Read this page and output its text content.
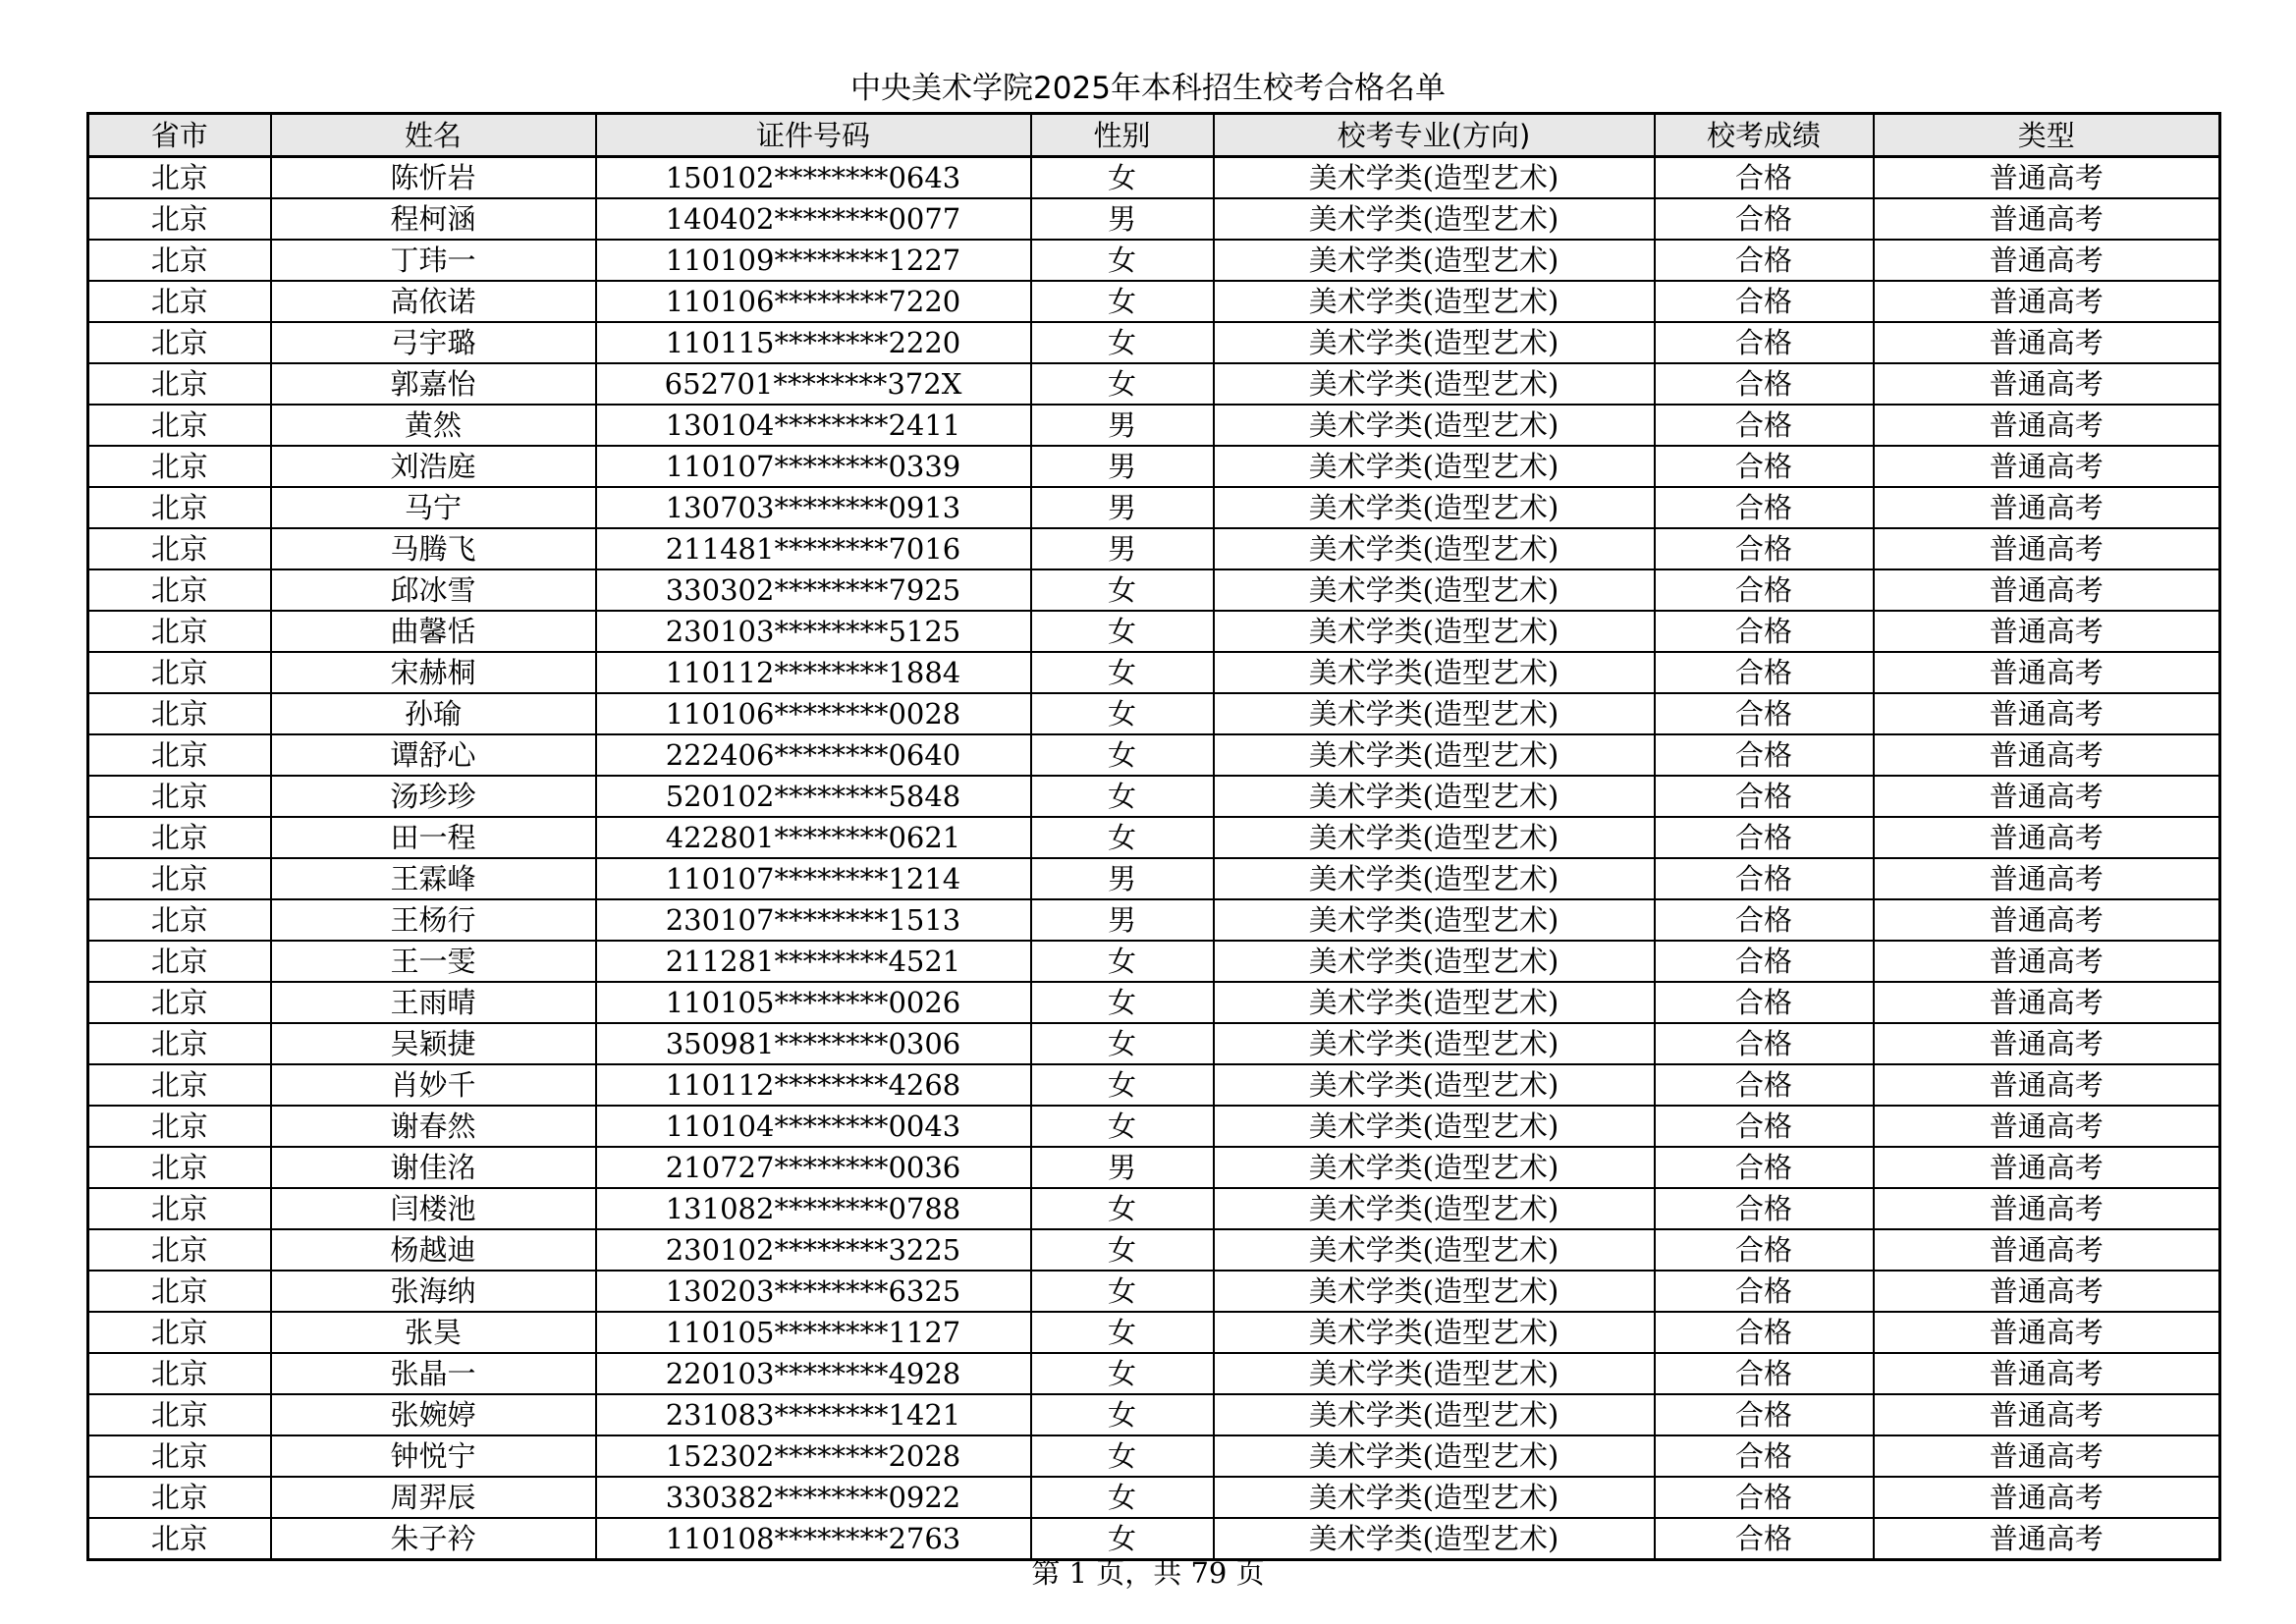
中央美术学院2025年本科招生校考合格名单
省市	姓名	证件号码	性别	校考专业(方向)	校考成绩	类型
北京	陈忻岩	150102********0643	女	美术学类(造型艺术)	合格	普通高考
北京	程柯涵	140402********0077	男	美术学类(造型艺术)	合格	普通高考
北京	丁玮一	110109********1227	女	美术学类(造型艺术)	合格	普通高考
北京	高依诺	110106********7220	女	美术学类(造型艺术)	合格	普通高考
北京	弓宇璐	110115********2220	女	美术学类(造型艺术)	合格	普通高考
北京	郭嘉怡	652701********372X	女	美术学类(造型艺术)	合格	普通高考
北京	黄然	130104********2411	男	美术学类(造型艺术)	合格	普通高考
北京	刘浩庭	110107********0339	男	美术学类(造型艺术)	合格	普通高考
北京	马宁	130703********0913	男	美术学类(造型艺术)	合格	普通高考
北京	马腾飞	211481********7016	男	美术学类(造型艺术)	合格	普通高考
北京	邱冰雪	330302********7925	女	美术学类(造型艺术)	合格	普通高考
北京	曲馨恬	230103********5125	女	美术学类(造型艺术)	合格	普通高考
北京	宋赫桐	110112********1884	女	美术学类(造型艺术)	合格	普通高考
北京	孙瑜	110106********0028	女	美术学类(造型艺术)	合格	普通高考
北京	谭舒心	222406********0640	女	美术学类(造型艺术)	合格	普通高考
北京	汤珍珍	520102********5848	女	美术学类(造型艺术)	合格	普通高考
北京	田一程	422801********0621	女	美术学类(造型艺术)	合格	普通高考
北京	王霖峰	110107********1214	男	美术学类(造型艺术)	合格	普通高考
北京	王杨行	230107********1513	男	美术学类(造型艺术)	合格	普通高考
北京	王一雯	211281********4521	女	美术学类(造型艺术)	合格	普通高考
北京	王雨晴	110105********0026	女	美术学类(造型艺术)	合格	普通高考
北京	吴颖捷	350981********0306	女	美术学类(造型艺术)	合格	普通高考
北京	肖妙千	110112********4268	女	美术学类(造型艺术)	合格	普通高考
北京	谢春然	110104********0043	女	美术学类(造型艺术)	合格	普通高考
北京	谢佳洺	210727********0036	男	美术学类(造型艺术)	合格	普通高考
北京	闫楼池	131082********0788	女	美术学类(造型艺术)	合格	普通高考
北京	杨越迪	230102********3225	女	美术学类(造型艺术)	合格	普通高考
北京	张海纳	130203********6325	女	美术学类(造型艺术)	合格	普通高考
北京	张昊	110105********1127	女	美术学类(造型艺术)	合格	普通高考
北京	张晶一	220103********4928	女	美术学类(造型艺术)	合格	普通高考
北京	张婉婷	231083********1421	女	美术学类(造型艺术)	合格	普通高考
北京	钟悦宁	152302********2028	女	美术学类(造型艺术)	合格	普通高考
北京	周羿辰	330382********0922	女	美术学类(造型艺术)	合格	普通高考
北京	朱子衿	110108********2763	女	美术学类(造型艺术)	合格	普通高考
第 1 页，共 79 页
